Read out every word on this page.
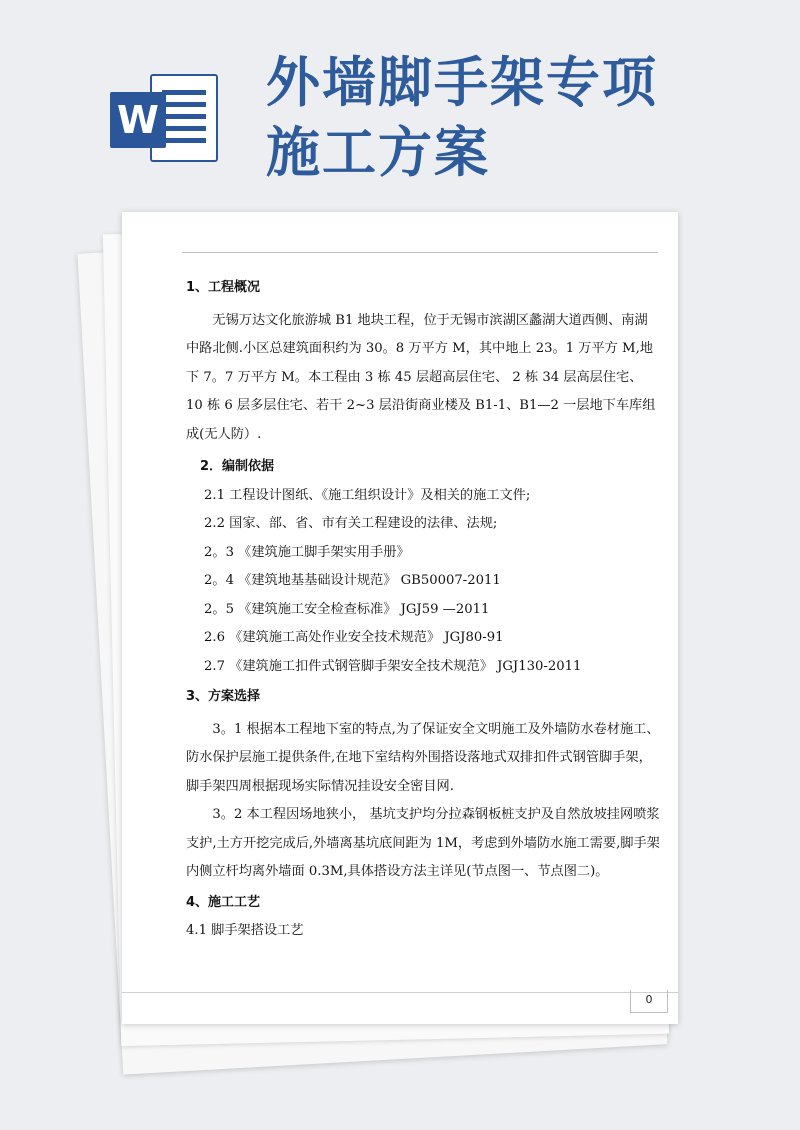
W
外墙脚手架专项施工方案

1、工程概况

无锡万达文化旅游城 B1 地块工程，位于无锡市滨湖区蠡湖大道西侧、南湖中路北侧.小区总建筑面积约为 30。8 万平方 M，其中地上 23。1 万平方 M,地下 7。7 万平方 M。本工程由 3 栋 45 层超高层住宅、 2 栋 34 层高层住宅、 10 栋 6 层多层住宅、若干 2~3 层沿街商业楼及 B1-1、B1—2 一层地下车库组成(无人防）.

2．编制依据

2.1 工程设计图纸、《施工组织设计》及相关的施工文件;

2.2 国家、部、省、市有关工程建设的法律、法规;

2。3 《建筑施工脚手架实用手册》

2。4 《建筑地基基础设计规范》 GB50007-2011

2。5 《建筑施工安全检查标准》 JGJ59 —2011

2.6 《建筑施工高处作业安全技术规范》 JGJ80-91

2.7 《建筑施工扣件式钢管脚手架安全技术规范》 JGJ130-2011

3、方案选择

3。1 根据本工程地下室的特点,为了保证安全文明施工及外墙防水卷材施工、防水保护层施工提供条件,在地下室结构外围搭设落地式双排扣件式钢管脚手架，脚手架四周根据现场实际情况挂设安全密目网.

3。2 本工程因场地狭小， 基坑支护均分拉森钢板桩支护及自然放坡挂网喷浆支护,土方开挖完成后,外墙离基坑底间距为 1M，考虑到外墙防水施工需要,脚手架内侧立杆均离外墙面 0.3M,具体搭设方法主详见(节点图一、节点图二)。

4、施工工艺

4.1 脚手架搭设工艺

0
